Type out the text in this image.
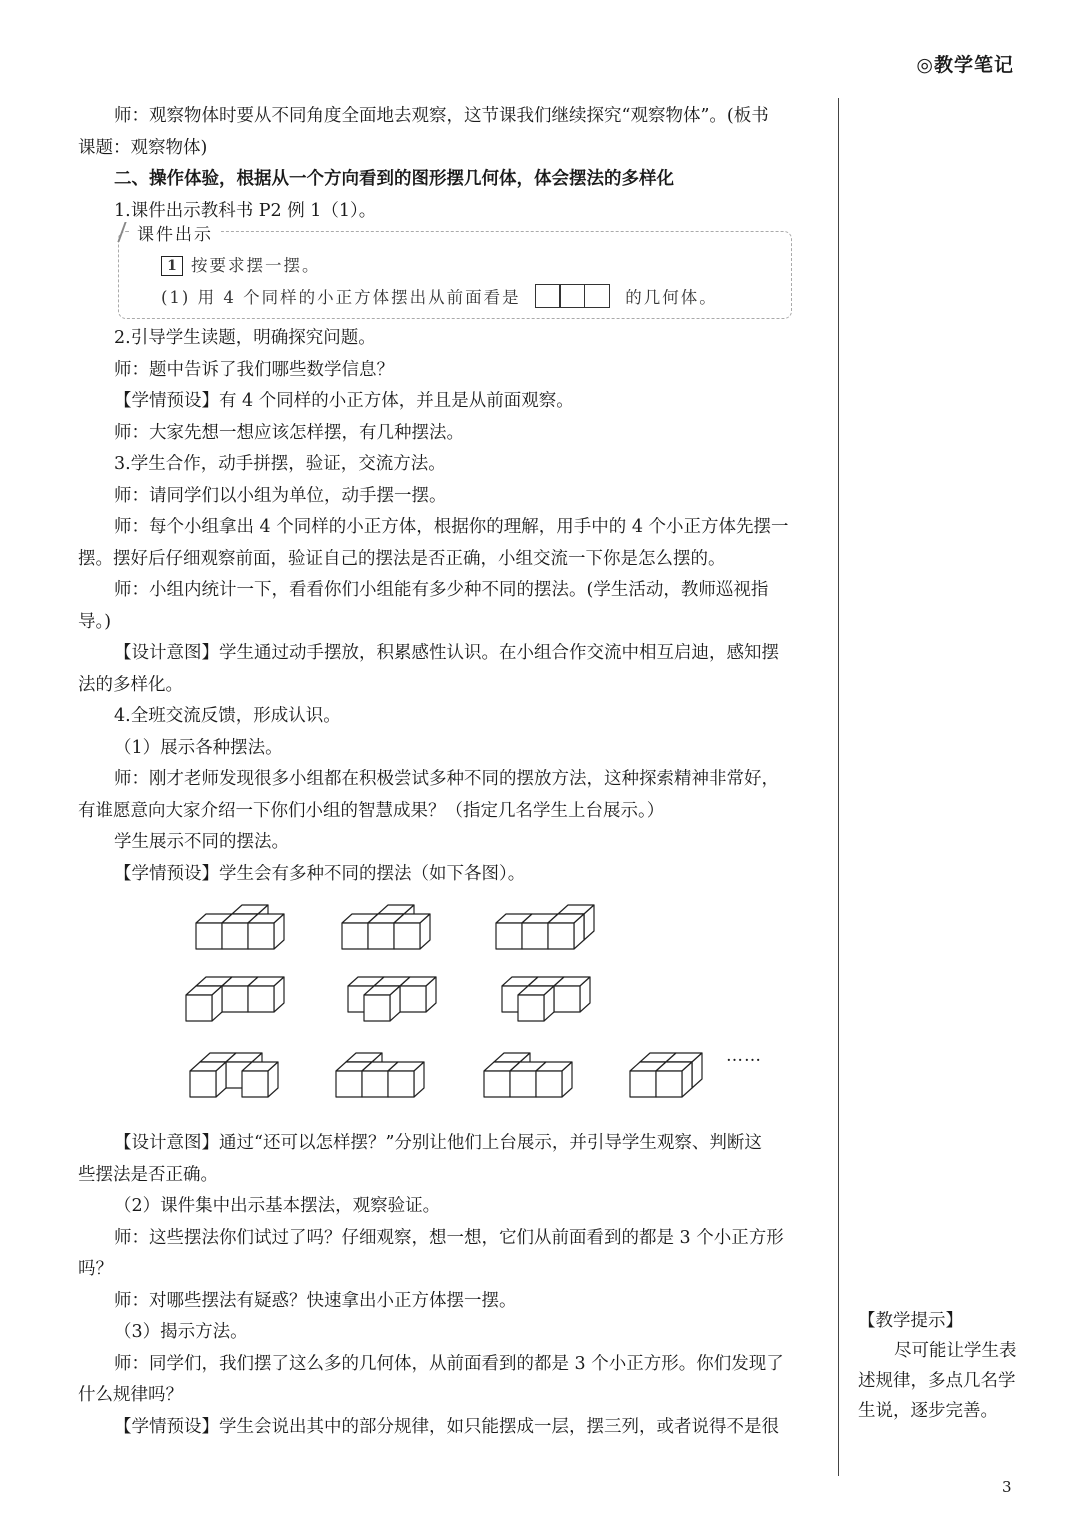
◎教学笔记

师：观察物体时要从不同角度全面地去观察，这节课我们继续探究“观察物体”。(板书

课题：观察物体)

二、操作体验，根据从一个方向看到的图形摆几何体，体会摆法的多样化

1.课件出示教科书 P2 例 1（1）。

课件出示
1 按要求摆一摆。
(1) 用 4 个同样的小正方体摆出从前面看是	的几何体。

2.引导学生读题，明确探究问题。

师：题中告诉了我们哪些数学信息？

【学情预设】有 4 个同样的小正方体，并且是从前面观察。

师：大家先想一想应该怎样摆，有几种摆法。

3.学生合作，动手拼摆，验证，交流方法。

师：请同学们以小组为单位，动手摆一摆。

师：每个小组拿出 4 个同样的小正方体，根据你的理解，用手中的 4 个小正方体先摆一

摆。摆好后仔细观察前面，验证自己的摆法是否正确，小组交流一下你是怎么摆的。

师：小组内统计一下，看看你们小组能有多少种不同的摆法。(学生活动，教师巡视指

导。)

【设计意图】学生通过动手摆放，积累感性认识。在小组合作交流中相互启迪，感知摆

法的多样化。

4.全班交流反馈，形成认识。

（1）展示各种摆法。

师：刚才老师发现很多小组都在积极尝试多种不同的摆放方法，这种探索精神非常好，

有谁愿意向大家介绍一下你们小组的智慧成果？（指定几名学生上台展示。）

学生展示不同的摆法。

【学情预设】学生会有多种不同的摆法（如下各图）。

……

【设计意图】通过“还可以怎样摆？”分别让他们上台展示，并引导学生观察、判断这

些摆法是否正确。

（2）课件集中出示基本摆法，观察验证。

师：这些摆法你们试过了吗？仔细观察，想一想，它们从前面看到的都是 3 个小正方形

吗？

师：对哪些摆法有疑惑？快速拿出小正方体摆一摆。

（3）揭示方法。

师：同学们，我们摆了这么多的几何体，从前面看到的都是 3 个小正方形。你们发现了

什么规律吗？

【学情预设】学生会说出其中的部分规律，如只能摆成一层，摆三列，或者说得不是很

【教学提示】

尽可能让学生表

述规律，多点几名学

生说，逐步完善。

3
